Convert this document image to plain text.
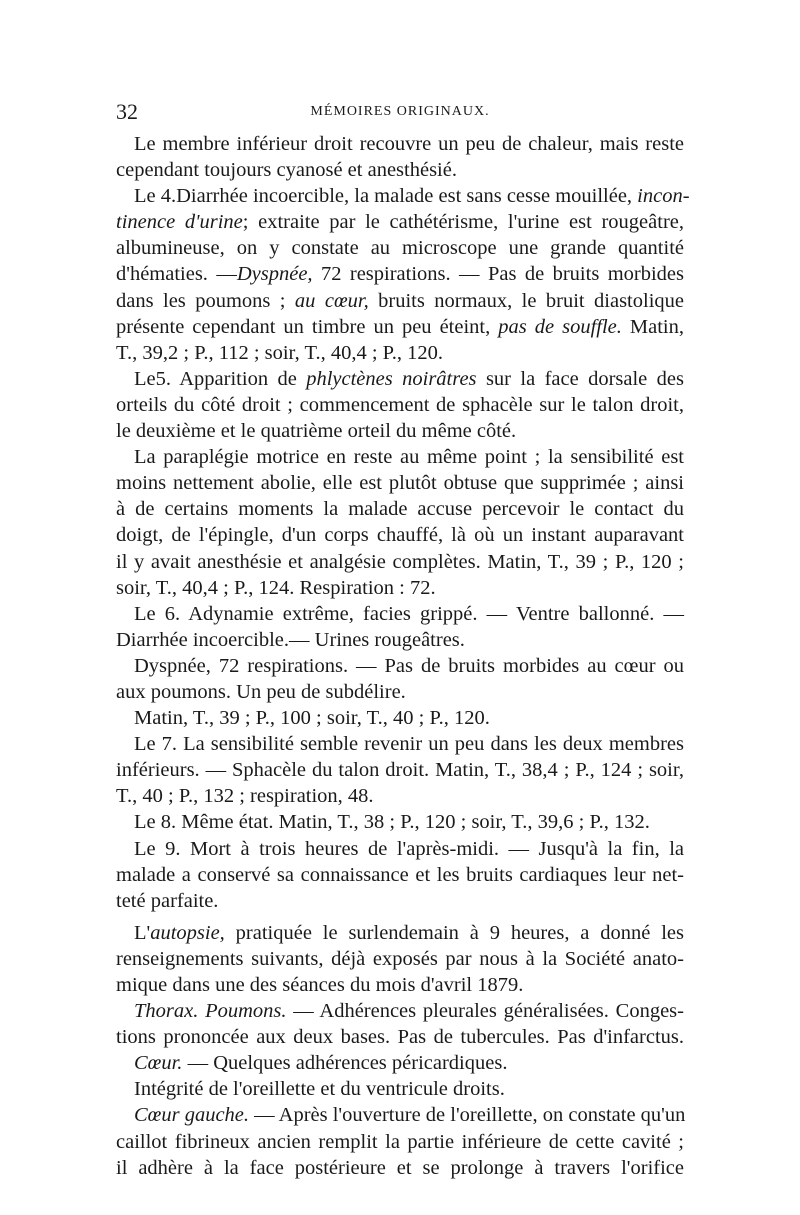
32	MÉMOIRES ORIGINAUX.
Le membre inférieur droit recouvre un peu de chaleur, mais reste
cependant toujours cyanosé et anesthésié.
Le 4.Diarrhée incoercible, la malade est sans cesse mouillée, incon-
tinence d'urine; extraite par le cathétérisme, l'urine est rougeâtre,
albumineuse, on y constate au microscope une grande quantité
d'hématies. —Dyspnée, 72 respirations. — Pas de bruits morbides
dans les poumons ; au cœur, bruits normaux, le bruit diastolique
présente cependant un timbre un peu éteint, pas de souffle. Matin,
T., 39,2 ; P., 112 ; soir, T., 40,4 ; P., 120.
Le5. Apparition de phlyctènes noirâtres sur la face dorsale des
orteils du côté droit ; commencement de sphacèle sur le talon droit,
le deuxième et le quatrième orteil du même côté.
La paraplégie motrice en reste au même point ; la sensibilité est
moins nettement abolie, elle est plutôt obtuse que supprimée ; ainsi
à de certains moments la malade accuse percevoir le contact du
doigt, de l'épingle, d'un corps chauffé, là où un instant auparavant
il y avait anesthésie et analgésie complètes. Matin, T., 39 ; P., 120 ;
soir, T., 40,4 ; P., 124. Respiration : 72.
Le 6. Adynamie extrême, facies grippé. — Ventre ballonné. —
Diarrhée incoercible.— Urines rougeâtres.
Dyspnée, 72 respirations. — Pas de bruits morbides au cœur ou
aux poumons. Un peu de subdélire.
Matin, T., 39 ; P., 100 ; soir, T., 40 ; P., 120.
Le 7. La sensibilité semble revenir un peu dans les deux membres
inférieurs. — Sphacèle du talon droit. Matin, T., 38,4 ; P., 124 ; soir,
T., 40 ; P., 132 ; respiration, 48.
Le 8. Même état. Matin, T., 38 ; P., 120 ; soir, T., 39,6 ; P., 132.
Le 9. Mort à trois heures de l'après-midi. — Jusqu'à la fin, la
malade a conservé sa connaissance et les bruits cardiaques leur net-
teté parfaite.
L'autopsie, pratiquée le surlendemain à 9 heures, a donné les
renseignements suivants, déjà exposés par nous à la Société anato-
mique dans une des séances du mois d'avril 1879.
Thorax. Poumons. — Adhérences pleurales généralisées. Conges-
tions prononcée aux deux bases. Pas de tubercules. Pas d'infarctus.
Cœur. — Quelques adhérences péricardiques.
Intégrité de l'oreillette et du ventricule droits.
Cœur gauche. — Après l'ouverture de l'oreillette, on constate qu'un
caillot fibrineux ancien remplit la partie inférieure de cette cavité ;
il adhère à la face postérieure et se prolonge à travers l'orifice
